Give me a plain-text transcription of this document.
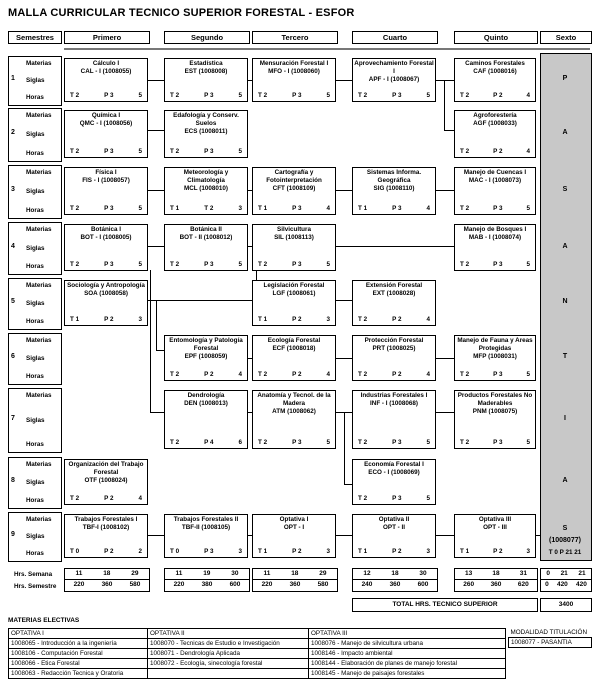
MALLA CURRICULAR TECNICO SUPERIOR FORESTAL - ESFOR
Semestres	Primero	Segundo	Tercero	Cuarto	Quinto	Sexto
1
Materias
Siglas
Horas
2
Materias
Siglas
Horas
3
Materias
Siglas
Horas
4
Materias
Siglas
Horas
5
Materias
Siglas
Horas
6
Materias
Siglas
Horas
7
Materias
Siglas
Horas
8
Materias
Siglas
Horas
9
Materias
Siglas
Horas
P
A
S
A
N
T
I
A
S
(1008077)
T 0 P 21 21
Cálculo I
CAL - I (1008055)
T 2	P 3	5
Estadística
EST (1008008)
T 2	P 3	5
Mensuración Forestal I
MFO - I (1008060)
T 2	P 3	5
Aprovechamiento Forestal I
APF - I (1008067)
T 2	P 3	5
Caminos Forestales
CAF (1008016)
T 2	P 2	4
Química I
QMC - I (1008056)
T 2	P 3	5
Edafología y Conserv. Suelos
ECS (1008011)
T 2	P 3	5
Agroforestería
AGF (1008033)
T 2	P 2	4
Física I
FIS - I (1008057)
T 2	P 3	5
Meteorología y Climatología
MCL (1008010)
T 1	T 2	3
Cartografía y Fotointerpretación
CFT (1008109)
T 1	P 3	4
Sistemas Informa. Geográfica
SIG (1008110)
T 1	P 3	4
Manejo de Cuencas I
MAC - I (1008073)
T 2	P 3	5
Botánica I
BOT - I (1008005)
T 2	P 3	5
Botánica II
BOT - II (1008012)
T 2	P 3	5
Silvicultura
SIL (1008113)
T 2	P 3	5
Manejo de Bosques I
MAB - I (1008074)
T 2	P 3	5
Sociología y Antropología
SOA (1008058)
T 1	P 2	3
Legislación Forestal
LGF (1008061)
T 1	P 2	3
Extensión Forestal
EXT (1008028)
T 2	P 2	4
Entomología y Patología Forestal
EPF (1008059)
T 2	P 2	4
Ecología Forestal
ECF (1008018)
T 2	P 2	4
Protección Forestal
PRT (1008025)
T 2	P 2	4
Manejo de Fauna y Areas Protegidas
MFP (1008031)
T 2	P 3	5
Dendrología
DEN (1008013)
T 2	P 4	6
Anatomía y Tecnol. de la Madera
ATM (1008062)
T 2	P 3	5
Industrias Forestales I
INF - I (1008068)
T 2	P 3	5
Productos Forestales No Maderables
PNM (1008075)
T 2	P 3	5
Organización del Trabajo Forestal
OTF (1008024)
T 2	P 2	4
Economía Forestal I
ECO - I (1008069)
T 2	P 3	5
Trabajos Forestales I
TBF-I (1008102)
T 0	P 2	2
Trabajos Forestales II
TBF-II (1008105)
T 0	P 3	3
Optativa I
OPT - I
T 1	P 2	3
Optativa II
OPT - II
T 1	P 2	3
Optativa III
OPT - III
T 1	P 2	3
Hrs. Semana
Hrs. Semestre
11	18	29
220	360	580
11	19	30
220	380	600
11	18	29
220	360	580
12	18	30
240	360	600
13	18	31
260	360	620
0 21 21
0 420 420
TOTAL HRS. TECNICO SUPERIOR	3400
MATERIAS ELECTIVAS
OPTATIVA I	OPTATIVA II	OPTATIVA III
1008065 - Introducción a la ingeniería	1008070 - Tecnicas de Estudio e Investigación	1008076 - Manejo de silvicultura urbana
1008106 - Computación Forestal	1008071 - Dendrología Aplicada	1008146 - Impacto ambiental
1008066 - Etica Forestal	1008072 - Ecología, sinecología forestal	1008144 - Elaboración de planes de manejo forestal
1008063 - Redacción Tecnica y Oratoria		1008145 - Manejo de paisajes forestales
MODALIDAD TITULACIÓN
1008077 - PASANTIA
